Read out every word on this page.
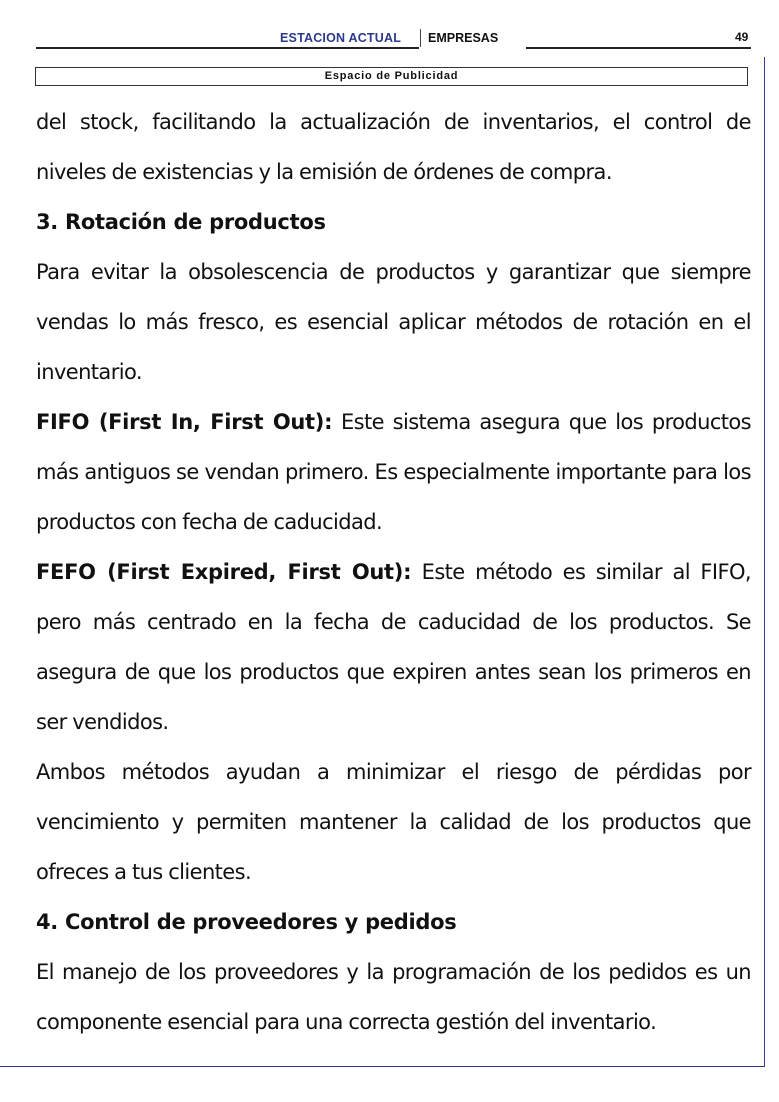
ESTACION ACTUAL EMPRESAS	49
Espacio de Publicidad

del stock, facilitando la actualización de inventarios, el control de niveles de existencias y la emisión de órdenes de compra.

3. Rotación de productos

Para evitar la obsolescencia de productos y garantizar que siempre vendas lo más fresco, es esencial aplicar métodos de rotación en el inventario.

FIFO (First In, First Out): Este sistema asegura que los productos más antiguos se vendan primero. Es especialmente importante para los productos con fecha de caducidad.

FEFO (First Expired, First Out): Este método es similar al FIFO, pero más centrado en la fecha de caducidad de los productos. Se asegura de que los productos que expiren antes sean los primeros en ser vendidos.

Ambos métodos ayudan a minimizar el riesgo de pérdidas por vencimiento y permiten mantener la calidad de los productos que ofreces a tus clientes.

4. Control de proveedores y pedidos

El manejo de los proveedores y la programación de los pedidos es un componente esencial para una correcta gestión del inventario.
